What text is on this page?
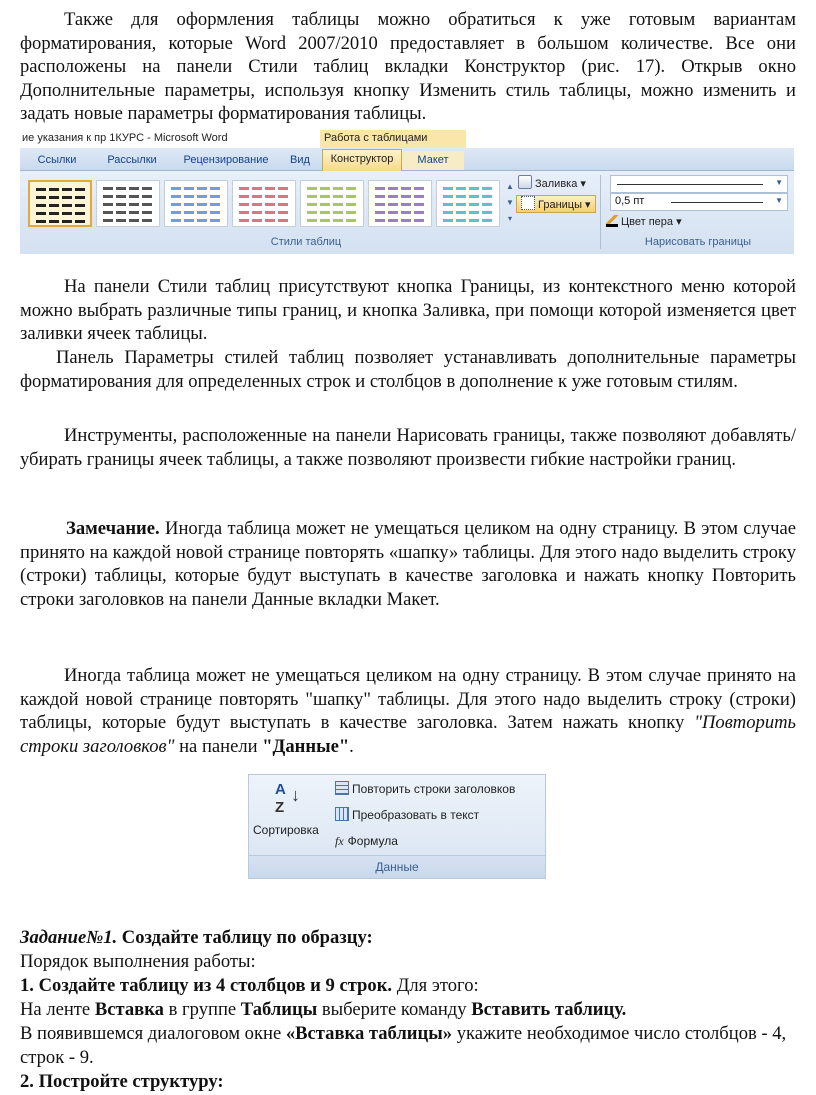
Также для оформления таблицы можно обратиться к уже готовым вариантам форматирования, которые Word 2007/2010 предоставляет в большом количестве. Все они расположены на панели Стили таблиц вкладки Конструктор (рис. 17). Открыв окно Дополнительные параметры, используя кнопку Изменить стиль таблицы, можно изменить и задать новые параметры форматирования таблицы.
ие указания к пр 1КУРС - Microsoft Word	Работа с таблицами
Ссылки	Рассылки	Рецензирование	Вид	Конструктор	Макет
▲
▼
▾
Заливка ▾
Границы ▾
Стили таблиц
▼
0,5 пт	▼
Цвет пера ▾
Нарисовать границы
На панели Стили таблиц присутствуют кнопка Границы, из контекстного меню которой можно выбрать различные типы границ, и кнопка Заливка, при помощи которой изменяется цвет заливки ячеек таблицы.
Панель Параметры стилей таблиц позволяет устанавливать дополнительные параметры форматирования для определенных строк и столбцов в дополнение к уже готовым стилям.
Инструменты, расположенные на панели Нарисовать границы, также позволяют добавлять/убирать границы ячеек таблицы, а также позволяют произвести гибкие настройки границ.
Замечание. Иногда таблица может не умещаться целиком на одну страницу. В этом случае принято на каждой новой странице повторять «шапку» таблицы. Для этого надо выделить строку (строки) таблицы, которые будут выступать в качестве заголовка и нажать кнопку Повторить строки заголовков на панели Данные вкладки Макет.
Иногда таблица может не умещаться целиком на одну страницу. В этом случае принято на каждой новой странице повторять "шапку" таблицы. Для этого надо выделить строку (строки) таблицы, которые будут выступать в качестве заголовка. Затем нажать кнопку "Повторить строки заголовков" на панели "Данные".
A
Z
↓
Сортировка
Повторить строки заголовков
Преобразовать в текст
fx Формула
Данные
Задание№1. Создайте таблицу по образцу:
Порядок выполнения работы:
1. Создайте таблицу из 4 столбцов и 9 строк. Для этого:
На ленте Вставка в группе Таблицы выберите команду Вставить таблицу.
В появившемся диалоговом окне «Вставка таблицы» укажите необходимое число столбцов - 4, строк - 9.
2. Постройте структуру:
